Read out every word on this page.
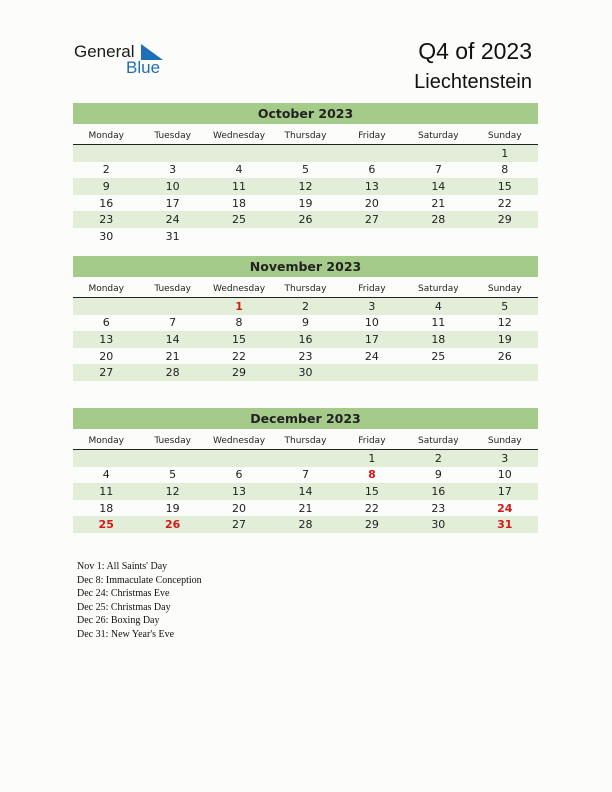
General
Blue
Q4 of 2023
Liechtenstein
October 2023
Monday	Tuesday	Wednesday	Thursday	Friday	Saturday	Sunday
						1
2	3	4	5	6	7	8
9	10	11	12	13	14	15
16	17	18	19	20	21	22
23	24	25	26	27	28	29
30	31					
November 2023
Monday	Tuesday	Wednesday	Thursday	Friday	Saturday	Sunday
		1	2	3	4	5
6	7	8	9	10	11	12
13	14	15	16	17	18	19
20	21	22	23	24	25	26
27	28	29	30			
December 2023
Monday	Tuesday	Wednesday	Thursday	Friday	Saturday	Sunday
				1	2	3
4	5	6	7	8	9	10
11	12	13	14	15	16	17
18	19	20	21	22	23	24
25	26	27	28	29	30	31
Nov 1: All Saints' Day
Dec 8: Immaculate Conception
Dec 24: Christmas Eve
Dec 25: Christmas Day
Dec 26: Boxing Day
Dec 31: New Year's Eve
